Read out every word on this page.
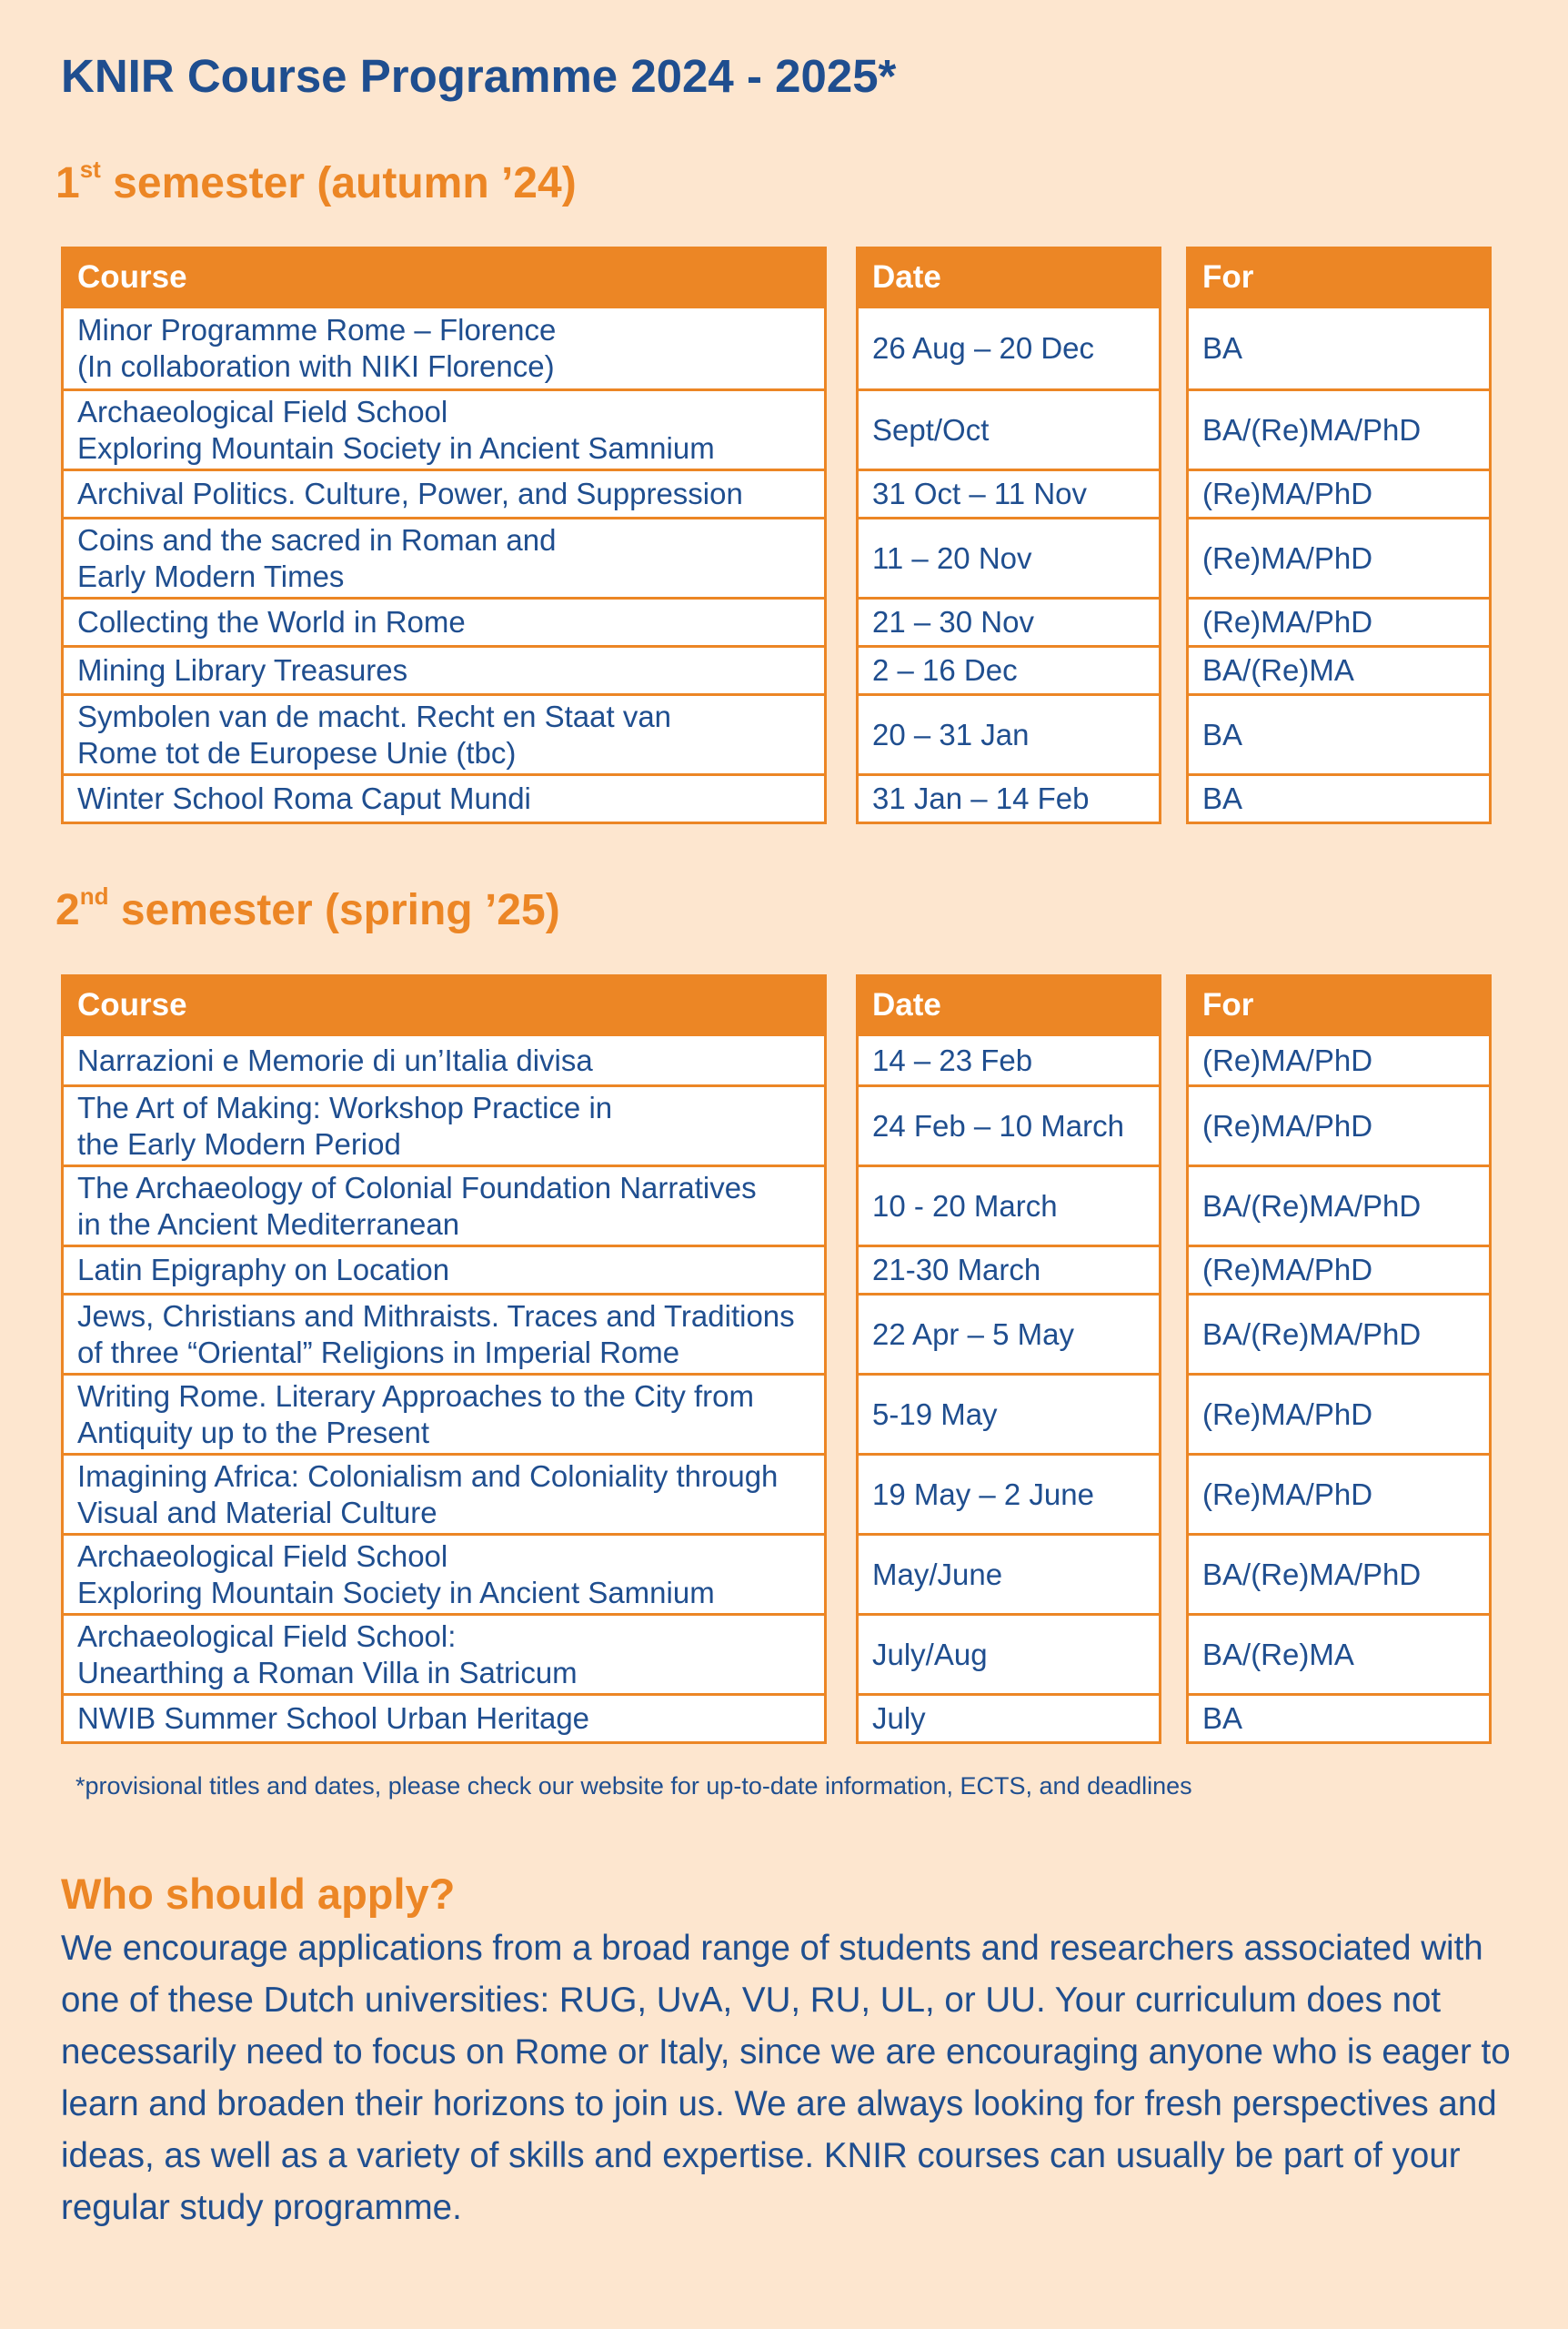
KNIR Course Programme 2024 - 2025*
1st semester (autumn ’24)
Course
Minor Programme Rome – Florence
(In collaboration with NIKI Florence)
Archaeological Field School
Exploring Mountain Society in Ancient Samnium
Archival Politics. Culture, Power, and Suppression
Coins and the sacred in Roman and
Early Modern Times
Collecting the World in Rome
Mining Library Treasures
Symbolen van de macht. Recht en Staat van
Rome tot de Europese Unie (tbc)
Winter School Roma Caput Mundi
Date
26 Aug – 20 Dec
Sept/Oct
31 Oct – 11 Nov
11 – 20 Nov
21 – 30 Nov
2 – 16 Dec
20 – 31 Jan
31 Jan – 14 Feb
For
BA
BA/(Re)MA/PhD
(Re)MA/PhD
(Re)MA/PhD
(Re)MA/PhD
BA/(Re)MA
BA
BA
2nd semester (spring ’25)
Course
Narrazioni e Memorie di un’Italia divisa
The Art of Making: Workshop Practice in
the Early Modern Period
The Archaeology of Colonial Foundation Narratives
in the Ancient Mediterranean
Latin Epigraphy on Location
Jews, Christians and Mithraists. Traces and Traditions
of three “Oriental” Religions in Imperial Rome
Writing Rome. Literary Approaches to the City from
Antiquity up to the Present
Imagining Africa: Colonialism and Coloniality through
Visual and Material Culture
Archaeological Field School
Exploring Mountain Society in Ancient Samnium
Archaeological Field School:
Unearthing a Roman Villa in Satricum
NWIB Summer School Urban Heritage
Date
14 – 23 Feb
24 Feb – 10 March
10 - 20 March
21-30 March
22 Apr – 5 May
5-19 May
19 May – 2 June
May/June
July/Aug
July
For
(Re)MA/PhD
(Re)MA/PhD
BA/(Re)MA/PhD
(Re)MA/PhD
BA/(Re)MA/PhD
(Re)MA/PhD
(Re)MA/PhD
BA/(Re)MA/PhD
BA/(Re)MA
BA
*provisional titles and dates, please check our website for up-to-date information, ECTS, and deadlines
Who should apply?

We encourage applications from a broad range of students and researchers associated with one of these Dutch universities: RUG, UvA, VU, RU, UL, or UU. Your curriculum does not necessarily need to focus on Rome or Italy, since we are encouraging anyone who is eager to learn and broaden their horizons to join us. We are always looking for fresh perspectives and ideas, as well as a variety of skills and expertise. KNIR courses can usually be part of your regular study programme.
